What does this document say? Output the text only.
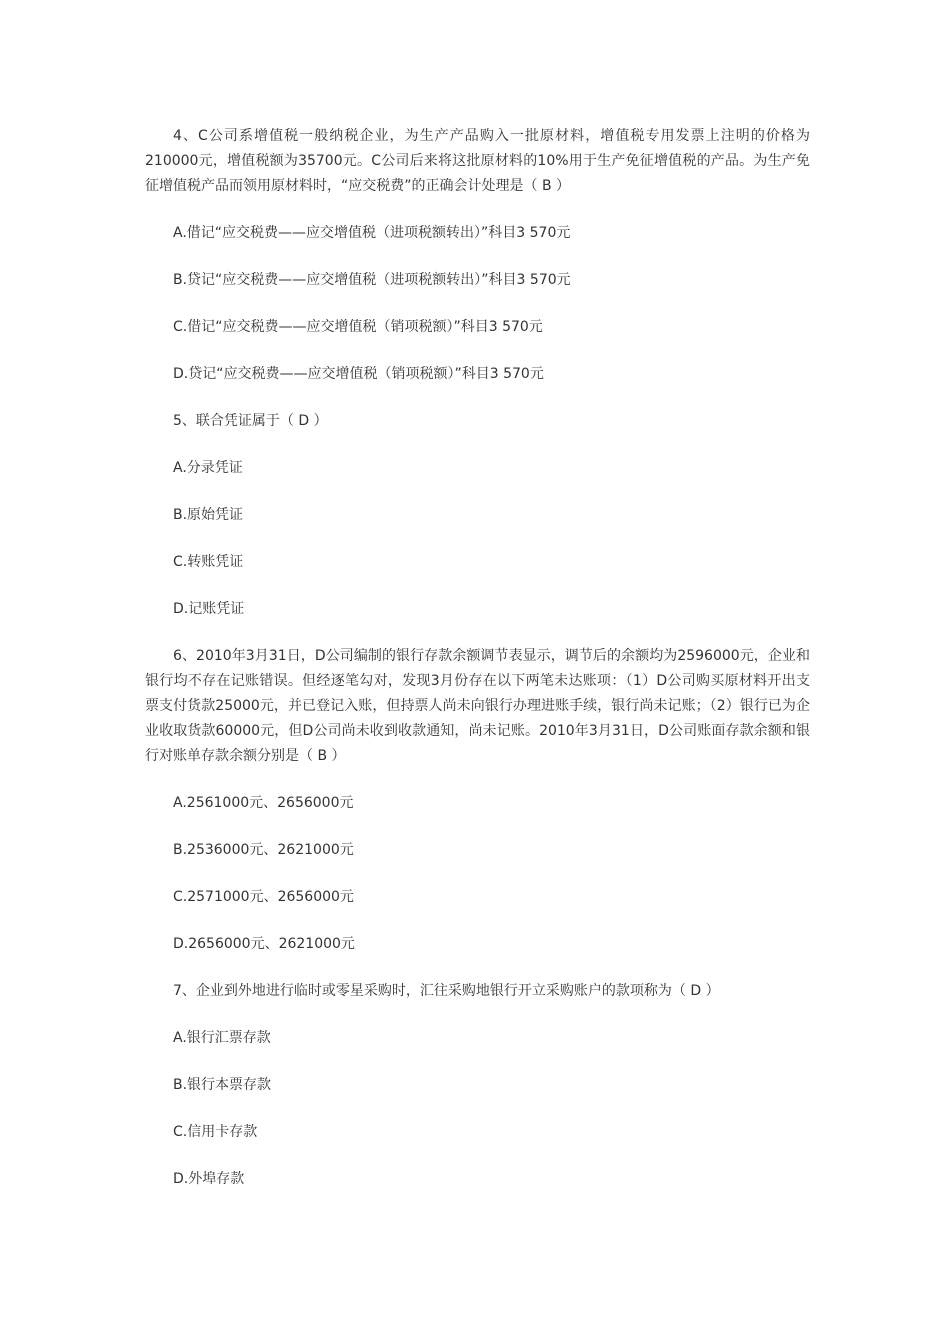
4、C公司系增值税一般纳税企业，为生产产品购入一批原材料，增值税专用发票上注明的价格为210000元，增值税额为35700元。C公司后来将这批原材料的10%用于生产免征增值税的产品。为生产免征增值税产品而领用原材料时，“应交税费”的正确会计处理是（ B ）

A.借记“应交税费——应交增值税（进项税额转出）”科目3 570元

B.贷记“应交税费——应交增值税（进项税额转出）”科目3 570元

C.借记“应交税费——应交增值税（销项税额）”科目3 570元

D.贷记“应交税费——应交增值税（销项税额）”科目3 570元

5、联合凭证属于（ D ）

A.分录凭证

B.原始凭证

C.转账凭证

D.记账凭证

6、2010年3月31日，D公司编制的银行存款余额调节表显示，调节后的余额均为2596000元，企业和银行均不存在记账错误。但经逐笔勾对，发现3月份存在以下两笔未达账项：（1）D公司购买原材料开出支票支付货款25000元，并已登记入账，但持票人尚未向银行办理进账手续，银行尚未记账；（2）银行已为企业收取货款60000元，但D公司尚未收到收款通知，尚未记账。2010年3月31日，D公司账面存款余额和银行对账单存款余额分别是（ B ）

A.2561000元、2656000元

B.2536000元、2621000元

C.2571000元、2656000元

D.2656000元、2621000元

7、企业到外地进行临时或零星采购时，汇往采购地银行开立采购账户的款项称为（ D ）

A.银行汇票存款

B.银行本票存款

C.信用卡存款

D.外埠存款
